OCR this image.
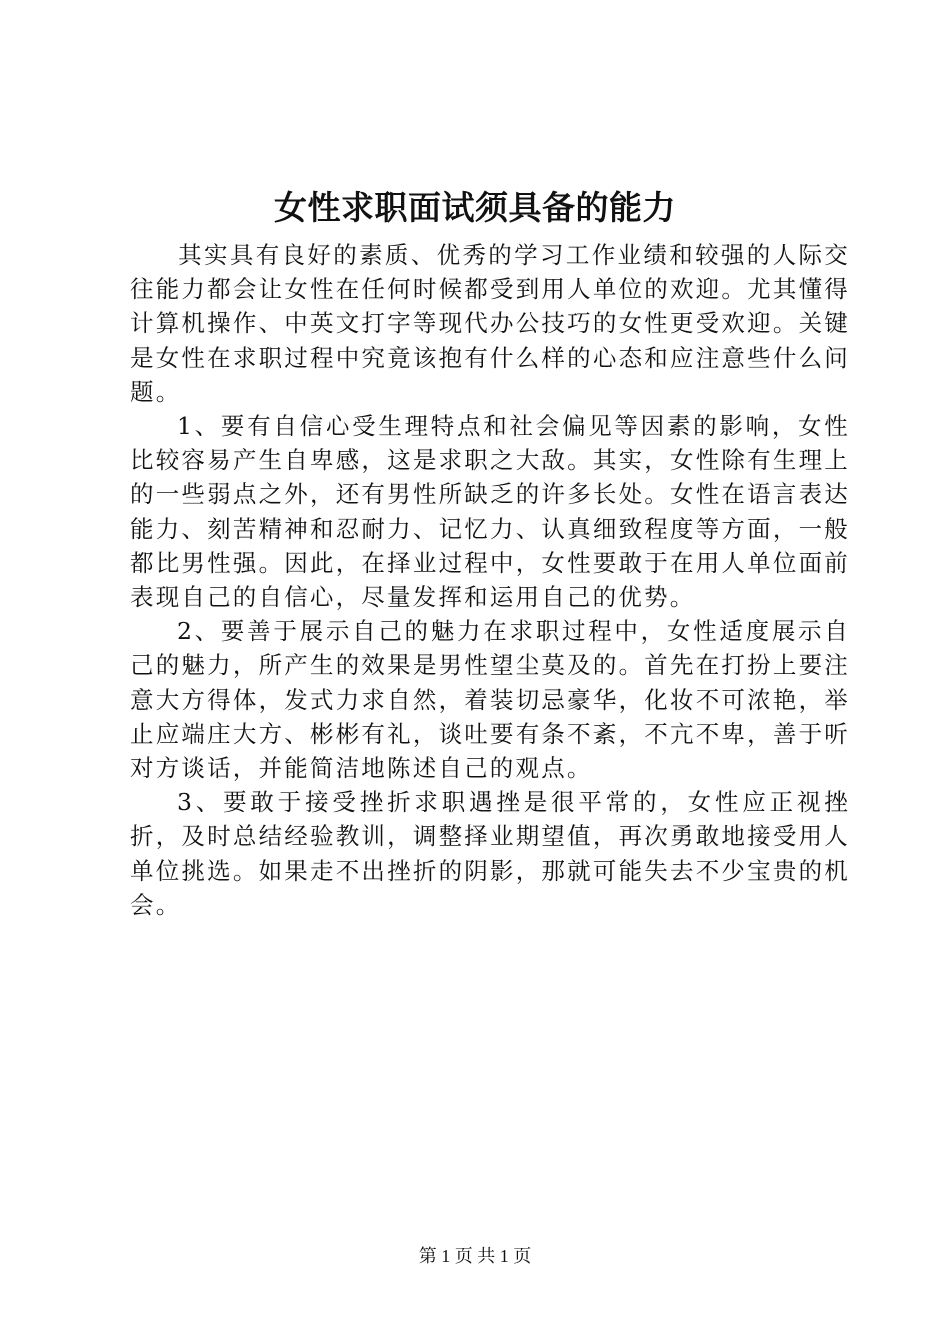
女性求职面试须具备的能力

其实具有良好的素质、优秀的学习工作业绩和较强的人际交往能力都会让女性在任何时候都受到用人单位的欢迎。尤其懂得计算机操作、中英文打字等现代办公技巧的女性更受欢迎。关键是女性在求职过程中究竟该抱有什么样的心态和应注意些什么问题。

1、要有自信心受生理特点和社会偏见等因素的影响，女性比较容易产生自卑感，这是求职之大敌。其实，女性除有生理上的一些弱点之外，还有男性所缺乏的许多长处。女性在语言表达能力、刻苦精神和忍耐力、记忆力、认真细致程度等方面，一般都比男性强。因此，在择业过程中，女性要敢于在用人单位面前表现自己的自信心，尽量发挥和运用自己的优势。

2、要善于展示自己的魅力在求职过程中，女性适度展示自己的魅力，所产生的效果是男性望尘莫及的。首先在打扮上要注意大方得体，发式力求自然，着装切忌豪华，化妆不可浓艳，举止应端庄大方、彬彬有礼，谈吐要有条不紊，不亢不卑，善于听对方谈话，并能简洁地陈述自己的观点。

3、要敢于接受挫折求职遇挫是很平常的，女性应正视挫折，及时总结经验教训，调整择业期望值，再次勇敢地接受用人单位挑选。如果走不出挫折的阴影，那就可能失去不少宝贵的机会。

第 1 页 共 1 页
